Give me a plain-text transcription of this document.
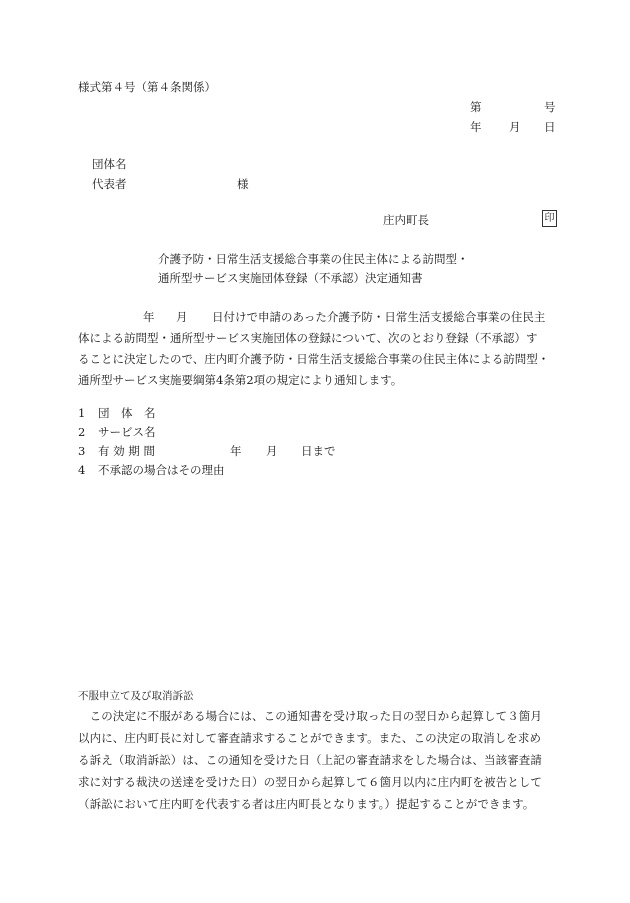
様式第４号（第４条関係）
第	号
年 月 日
団体名
代表者	様
庄内町長	印
介護予防・日常生活支援総合事業の住民主体による訪問型・
通所型サービス実施団体登録（不承認）決定通知書
年 月 日付けで申請のあった介護予防・日常生活支援総合事業の住民主
体による訪問型・通所型サービス実施団体の登録について、次のとおり登録（不承認）す
ることに決定したので、庄内町介護予防・日常生活支援総合事業の住民主体による訪問型・
通所型サービス実施要綱第4条第2項の規定により通知します。
1 団　体　名
2 サービス名
3 有 効 期 間	年 月 日まで
4 不承認の場合はその理由
不服申立て及び取消訴訟
　この決定に不服がある場合には、この通知書を受け取った日の翌日から起算して３箇月
以内に、庄内町長に対して審査請求することができます。また、この決定の取消しを求め
る訴え（取消訴訟）は、この通知を受けた日（上記の審査請求をした場合は、当該審査請
求に対する裁決の送達を受けた日）の翌日から起算して６箇月以内に庄内町を被告として
（訴訟において庄内町を代表する者は庄内町長となります。）提起することができます。
